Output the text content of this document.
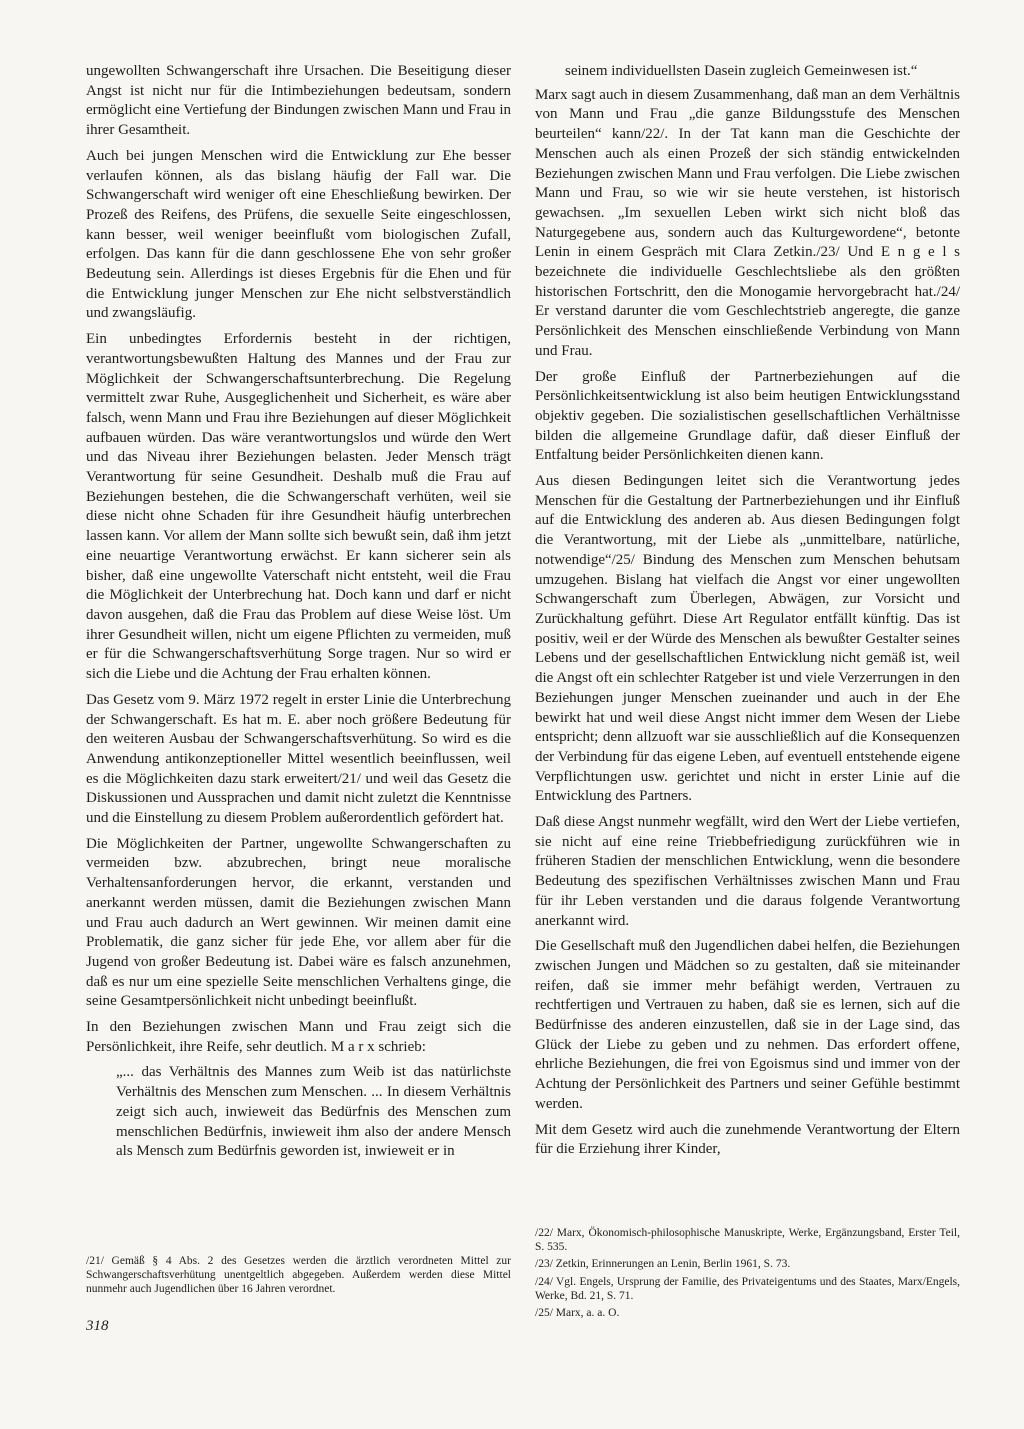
ungewollten Schwangerschaft ihre Ursachen. Die Beseitigung dieser Angst ist nicht nur für die Intimbeziehungen bedeutsam, sondern ermöglicht eine Vertiefung der Bindungen zwischen Mann und Frau in ihrer Gesamtheit.

Auch bei jungen Menschen wird die Entwicklung zur Ehe besser verlaufen können, als das bislang häufig der Fall war. Die Schwangerschaft wird weniger oft eine Eheschließung bewirken. Der Prozeß des Reifens, des Prüfens, die sexuelle Seite eingeschlossen, kann besser, weil weniger beeinflußt vom biologischen Zufall, erfolgen. Das kann für die dann geschlossene Ehe von sehr großer Bedeutung sein. Allerdings ist dieses Ergebnis für die Ehen und für die Entwicklung junger Menschen zur Ehe nicht selbstverständlich und zwangsläufig.

Ein unbedingtes Erfordernis besteht in der richtigen, verantwortungsbewußten Haltung des Mannes und der Frau zur Möglichkeit der Schwangerschaftsunterbrechung. Die Regelung vermittelt zwar Ruhe, Ausgeglichenheit und Sicherheit, es wäre aber falsch, wenn Mann und Frau ihre Beziehungen auf dieser Möglichkeit aufbauen würden. Das wäre verantwortungslos und würde den Wert und das Niveau ihrer Beziehungen belasten. Jeder Mensch trägt Verantwortung für seine Gesundheit. Deshalb muß die Frau auf Beziehungen bestehen, die die Schwangerschaft verhüten, weil sie diese nicht ohne Schaden für ihre Gesundheit häufig unterbrechen lassen kann. Vor allem der Mann sollte sich bewußt sein, daß ihm jetzt eine neuartige Verantwortung erwächst. Er kann sicherer sein als bisher, daß eine ungewollte Vaterschaft nicht entsteht, weil die Frau die Möglichkeit der Unterbrechung hat. Doch kann und darf er nicht davon ausgehen, daß die Frau das Problem auf diese Weise löst. Um ihrer Gesundheit willen, nicht um eigene Pflichten zu vermeiden, muß er für die Schwangerschaftsverhütung Sorge tragen. Nur so wird er sich die Liebe und die Achtung der Frau erhalten können.

Das Gesetz vom 9. März 1972 regelt in erster Linie die Unterbrechung der Schwangerschaft. Es hat m. E. aber noch größere Bedeutung für den weiteren Ausbau der Schwangerschaftsverhütung. So wird es die Anwendung antikonzeptioneller Mittel wesentlich beeinflussen, weil es die Möglichkeiten dazu stark erweitert/21/ und weil das Gesetz die Diskussionen und Aussprachen und damit nicht zuletzt die Kenntnisse und die Einstellung zu diesem Problem außerordentlich gefördert hat.

Die Möglichkeiten der Partner, ungewollte Schwangerschaften zu vermeiden bzw. abzubrechen, bringt neue moralische Verhaltensanforderungen hervor, die erkannt, verstanden und anerkannt werden müssen, damit die Beziehungen zwischen Mann und Frau auch dadurch an Wert gewinnen. Wir meinen damit eine Problematik, die ganz sicher für jede Ehe, vor allem aber für die Jugend von großer Bedeutung ist. Dabei wäre es falsch anzunehmen, daß es nur um eine spezielle Seite menschlichen Verhaltens ginge, die seine Gesamtpersönlichkeit nicht unbedingt beeinflußt.

In den Beziehungen zwischen Mann und Frau zeigt sich die Persönlichkeit, ihre Reife, sehr deutlich. M a r x schrieb:

„... das Verhältnis des Mannes zum Weib ist das natürlichste Verhältnis des Menschen zum Menschen. ... In diesem Verhältnis zeigt sich auch, inwieweit das Bedürfnis des Menschen zum menschlichen Bedürfnis, inwieweit ihm also der andere Mensch als Mensch zum Bedürfnis geworden ist, inwieweit er in

seinem individuellsten Dasein zugleich Gemeinwesen ist.“

Marx sagt auch in diesem Zusammenhang, daß man an dem Verhältnis von Mann und Frau „die ganze Bildungsstufe des Menschen beurteilen“ kann/22/. In der Tat kann man die Geschichte der Menschen auch als einen Prozeß der sich ständig entwickelnden Beziehungen zwischen Mann und Frau verfolgen. Die Liebe zwischen Mann und Frau, so wie wir sie heute verstehen, ist historisch gewachsen. „Im sexuellen Leben wirkt sich nicht bloß das Naturgegebene aus, sondern auch das Kulturgewordene“, betonte Lenin in einem Gespräch mit Clara Zetkin./23/ Und E n g e l s bezeichnete die individuelle Geschlechtsliebe als den größten historischen Fortschritt, den die Monogamie hervorgebracht hat./24/ Er verstand darunter die vom Geschlechtstrieb angeregte, die ganze Persönlichkeit des Menschen einschließende Verbindung von Mann und Frau.

Der große Einfluß der Partnerbeziehungen auf die Persönlichkeitsentwicklung ist also beim heutigen Entwicklungsstand objektiv gegeben. Die sozialistischen gesellschaftlichen Verhältnisse bilden die allgemeine Grundlage dafür, daß dieser Einfluß der Entfaltung beider Persönlichkeiten dienen kann.

Aus diesen Bedingungen leitet sich die Verantwortung jedes Menschen für die Gestaltung der Partnerbeziehungen und ihr Einfluß auf die Entwicklung des anderen ab. Aus diesen Bedingungen folgt die Verantwortung, mit der Liebe als „unmittelbare, natürliche, notwendige“/25/ Bindung des Menschen zum Menschen behutsam umzugehen. Bislang hat vielfach die Angst vor einer ungewollten Schwangerschaft zum Überlegen, Abwägen, zur Vorsicht und Zurückhaltung geführt. Diese Art Regulator entfällt künftig. Das ist positiv, weil er der Würde des Menschen als bewußter Gestalter seines Lebens und der gesellschaftlichen Entwicklung nicht gemäß ist, weil die Angst oft ein schlechter Ratgeber ist und viele Verzerrungen in den Beziehungen junger Menschen zueinander und auch in der Ehe bewirkt hat und weil diese Angst nicht immer dem Wesen der Liebe entspricht; denn allzuoft war sie ausschließlich auf die Konsequenzen der Verbindung für das eigene Leben, auf eventuell entstehende eigene Verpflichtungen usw. gerichtet und nicht in erster Linie auf die Entwicklung des Partners.

Daß diese Angst nunmehr wegfällt, wird den Wert der Liebe vertiefen, sie nicht auf eine reine Triebbefriedigung zurückführen wie in früheren Stadien der menschlichen Entwicklung, wenn die besondere Bedeutung des spezifischen Verhältnisses zwischen Mann und Frau für ihr Leben verstanden und die daraus folgende Verantwortung anerkannt wird.

Die Gesellschaft muß den Jugendlichen dabei helfen, die Beziehungen zwischen Jungen und Mädchen so zu gestalten, daß sie miteinander reifen, daß sie immer mehr befähigt werden, Vertrauen zu rechtfertigen und Vertrauen zu haben, daß sie es lernen, sich auf die Bedürfnisse des anderen einzustellen, daß sie in der Lage sind, das Glück der Liebe zu geben und zu nehmen. Das erfordert offene, ehrliche Beziehungen, die frei von Egoismus sind und immer von der Achtung der Persönlichkeit des Partners und seiner Gefühle bestimmt werden.

Mit dem Gesetz wird auch die zunehmende Verantwortung der Eltern für die Erziehung ihrer Kinder,

/21/ Gemäß § 4 Abs. 2 des Gesetzes werden die ärztlich verordneten Mittel zur Schwangerschaftsverhütung unentgeltlich abgegeben. Außerdem werden diese Mittel nunmehr auch Jugendlichen über 16 Jahren verordnet.

/22/ Marx, Ökonomisch-philosophische Manuskripte, Werke, Ergänzungsband, Erster Teil, S. 535.

/23/ Zetkin, Erinnerungen an Lenin, Berlin 1961, S. 73.

/24/ Vgl. Engels, Ursprung der Familie, des Privateigentums und des Staates, Marx/Engels, Werke, Bd. 21, S. 71.

/25/ Marx, a. a. O.

318
